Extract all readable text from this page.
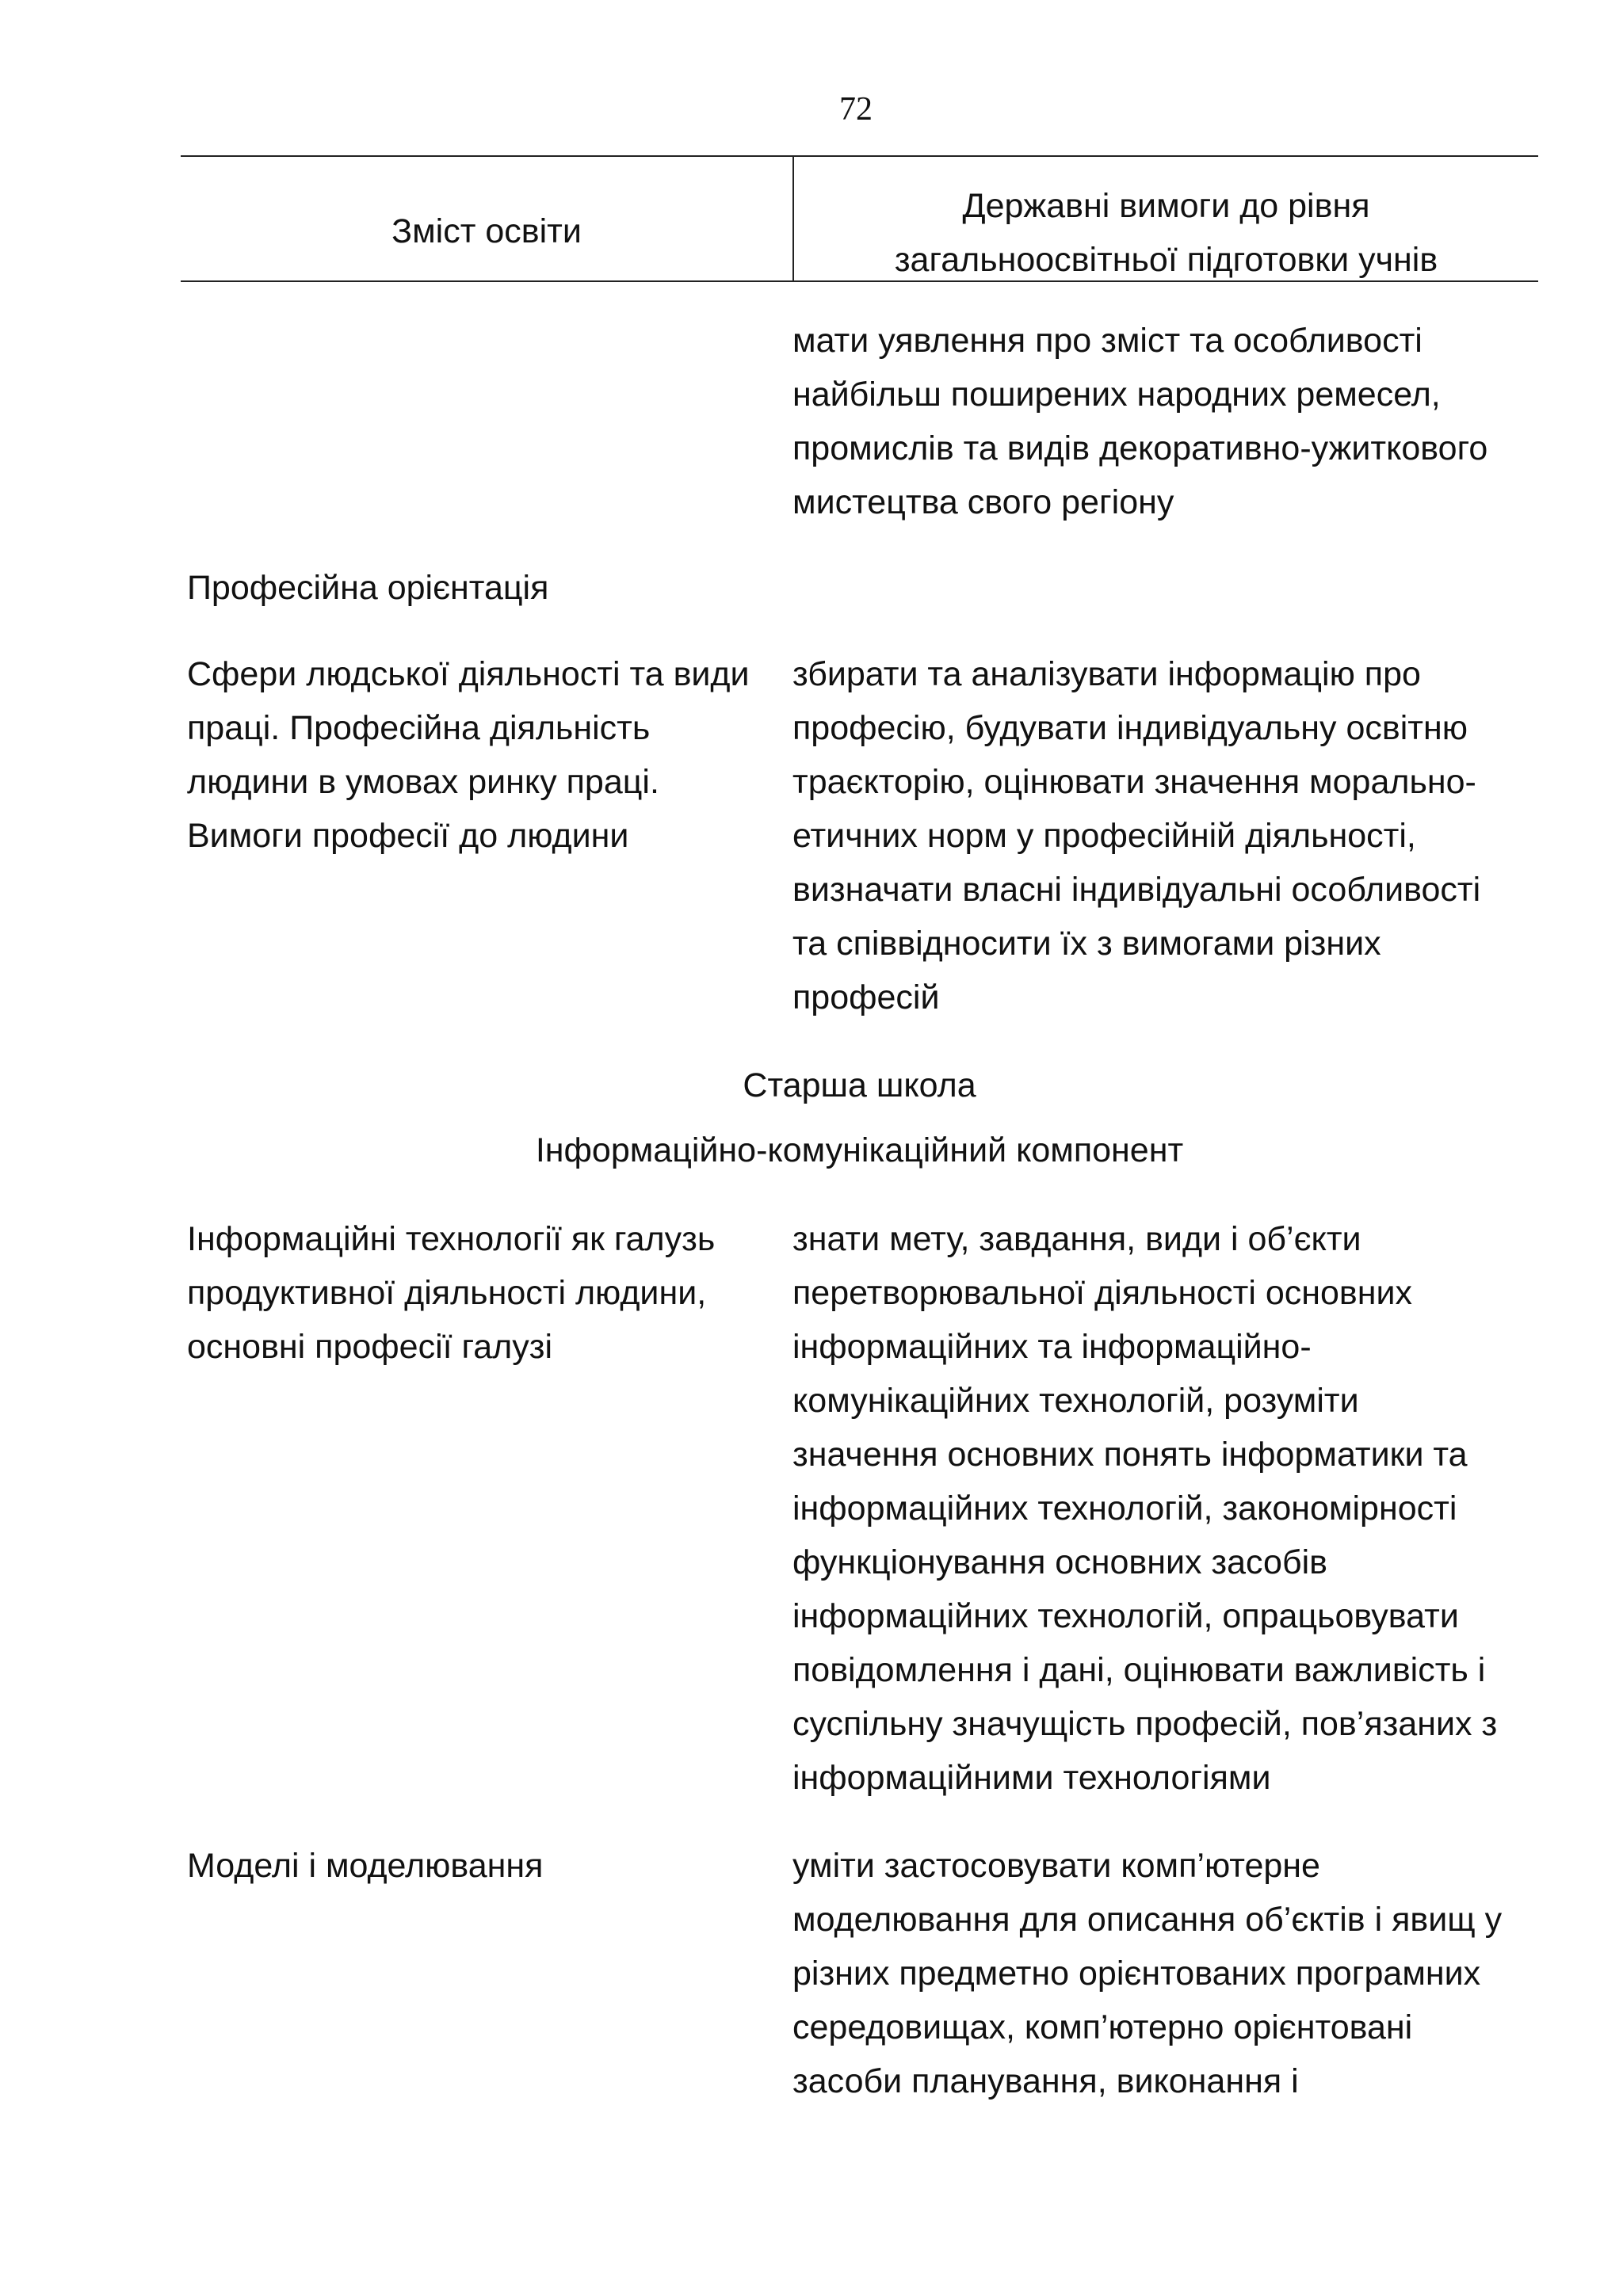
72
Зміст освіти
Державні вимоги до рівня
загальноосвітньої підготовки учнів
мати уявлення про зміст та особливості
найбільш поширених народних ремесел,
промислів та видів декоративно-ужиткового
мистецтва свого регіону
Професійна орієнтація
Сфери людської діяльності та види
праці. Професійна діяльність
людини в умовах ринку праці.
Вимоги професії до людини
збирати та аналізувати інформацію про
професію, будувати індивідуальну освітню
траєкторію, оцінювати значення морально-
етичних норм у професійній діяльності,
визначати власні індивідуальні особливості
та співвідносити їх з вимогами різних
професій
Старша школа
Інформаційно-комунікаційний компонент
Інформаційні технології як галузь
продуктивної діяльності людини,
основні професії галузі
знати мету, завдання, види і об’єкти
перетворювальної діяльності основних
інформаційних та інформаційно-
комунікаційних технологій, розуміти
значення основних понять інформатики та
інформаційних технологій, закономірності
функціонування основних засобів
інформаційних технологій, опрацьовувати
повідомлення і дані, оцінювати важливість і
суспільну значущість професій, пов’язаних з
інформаційними технологіями
Моделі і моделювання	уміти застосовувати комп’ютерне
моделювання для описання об’єктів і явищ у
різних предметно орієнтованих програмних
середовищах, комп’ютерно орієнтовані
засоби планування, виконання і
